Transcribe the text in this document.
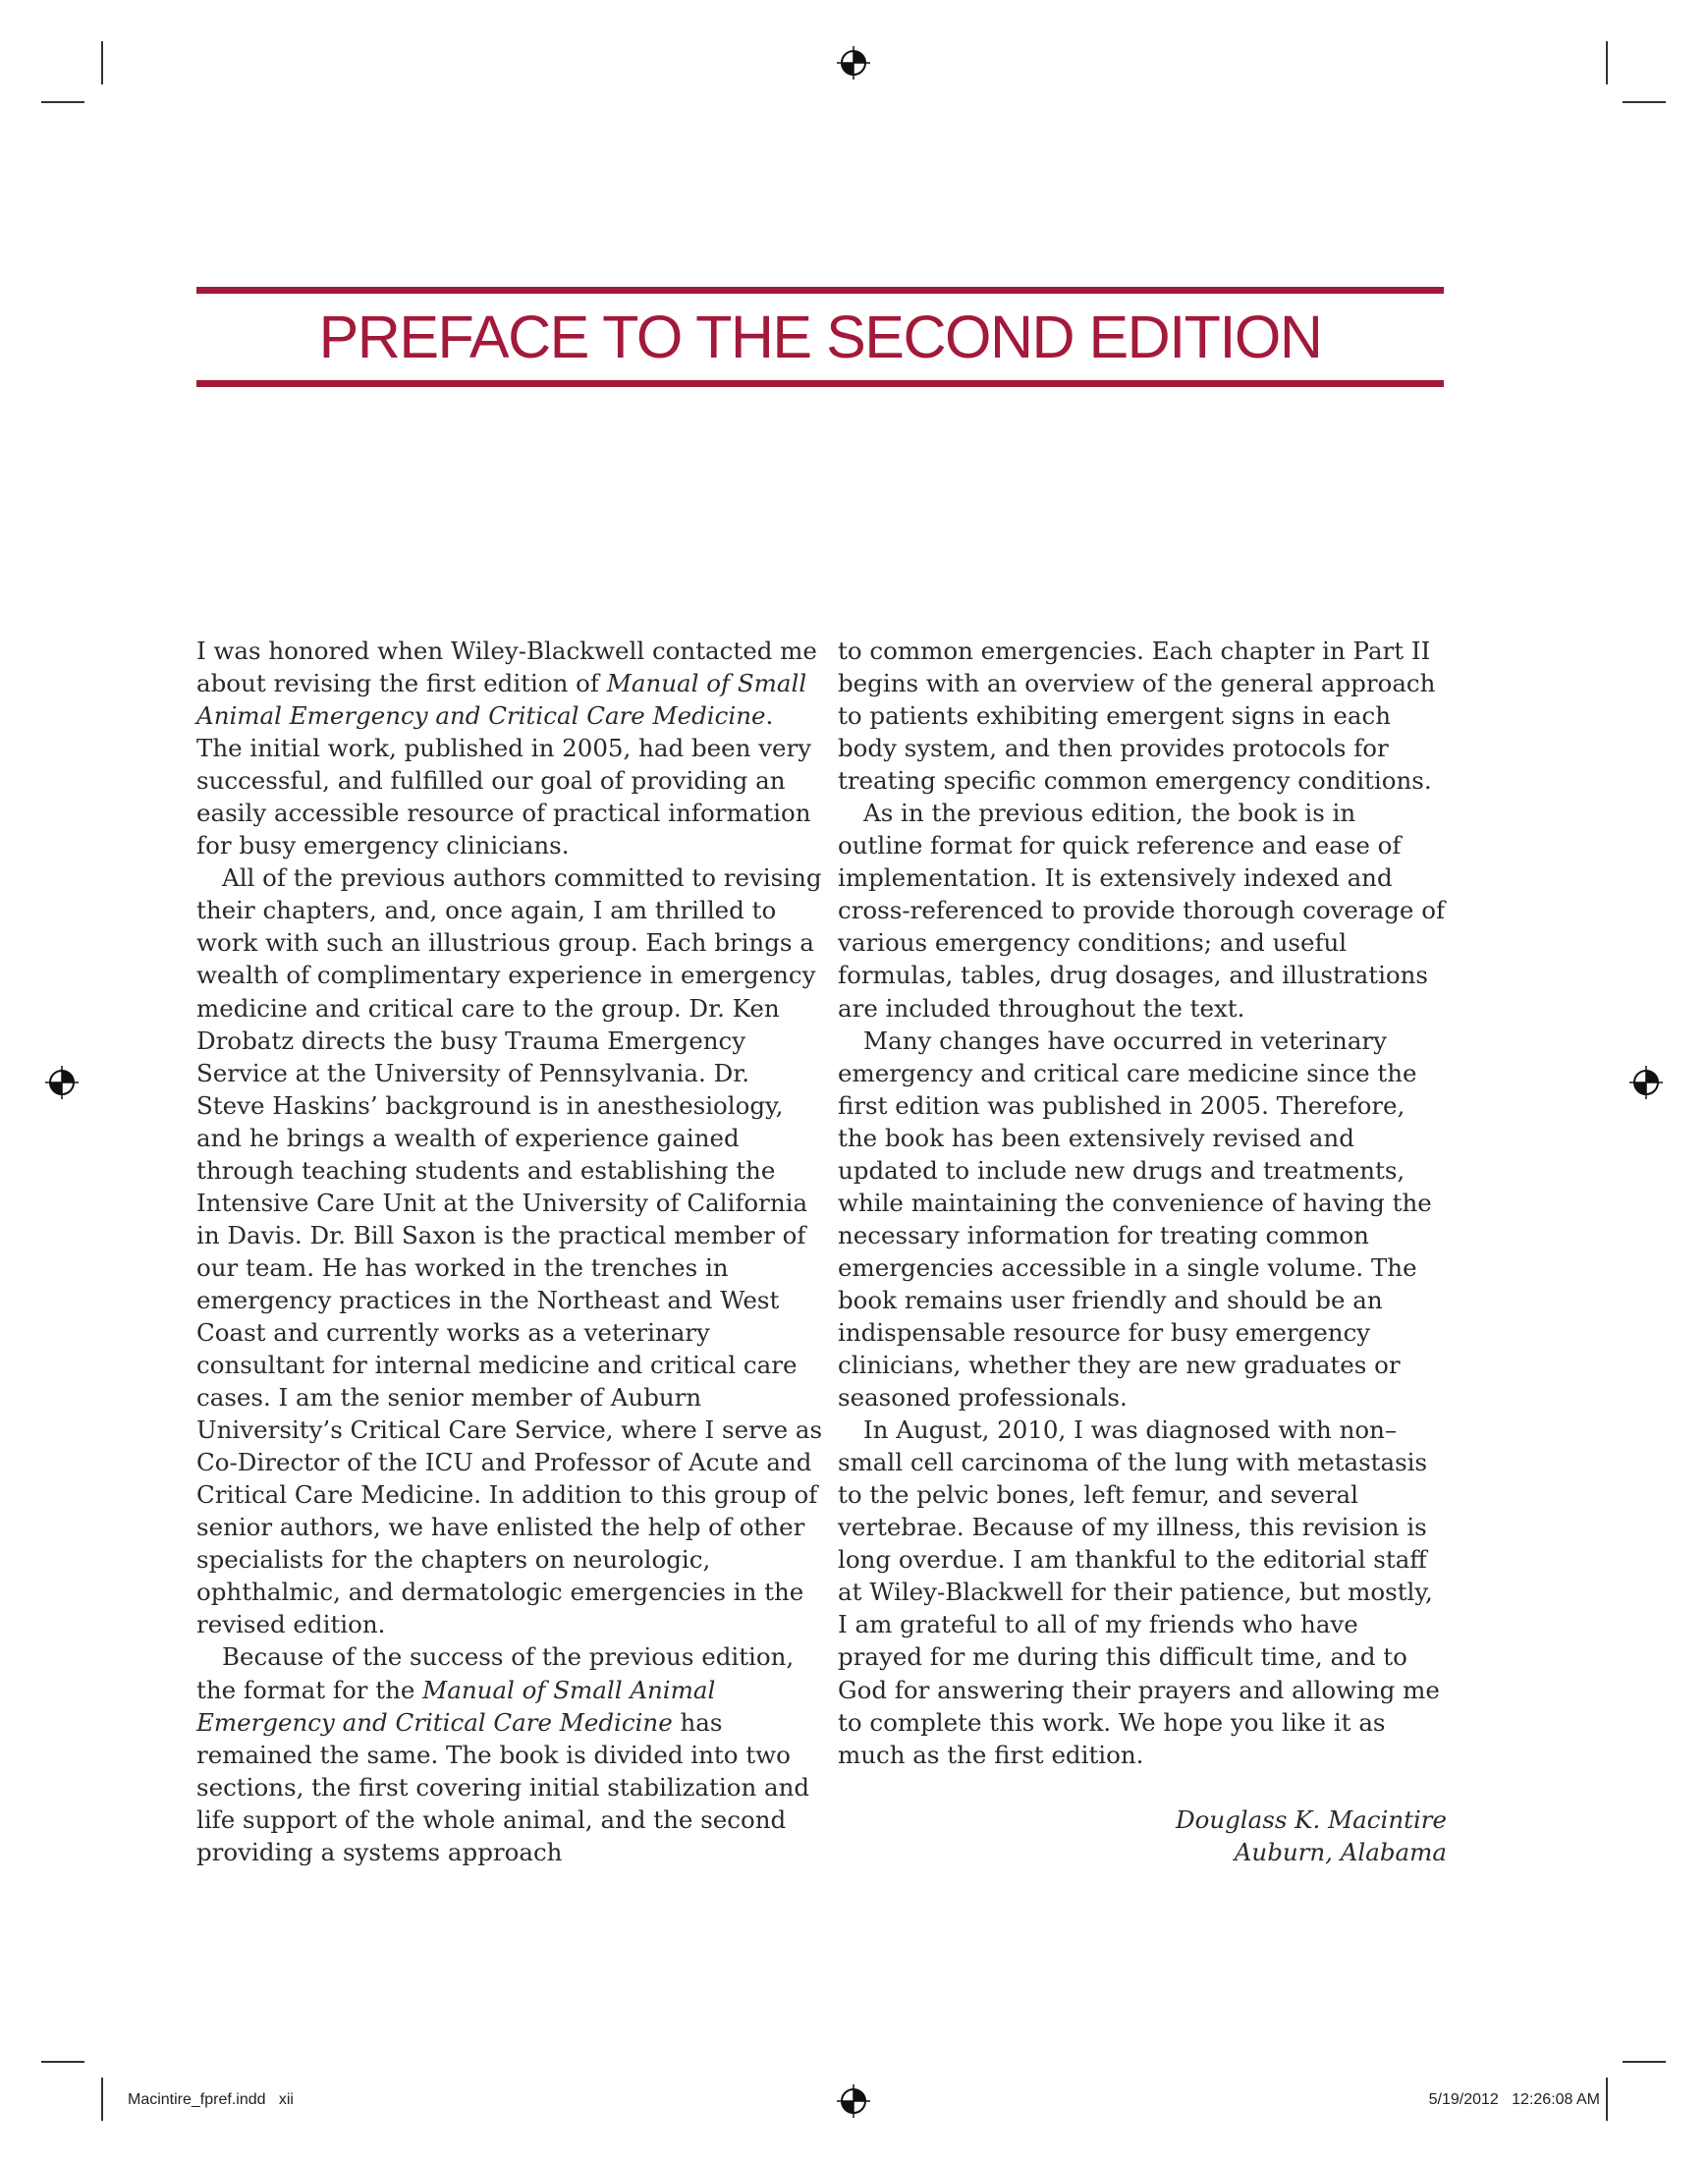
PREFACE TO THE SECOND EDITION

I was honored when Wiley-Blackwell contacted me about revising the first edition of Manual of Small Animal Emergency and Critical Care Medicine. The initial work, published in 2005, had been very successful, and fulfilled our goal of providing an easily accessible resource of practical information for busy emergency clinicians.

All of the previous authors committed to revising their chapters, and, once again, I am thrilled to work with such an illustrious group. Each brings a wealth of complimentary experience in emergency medicine and critical care to the group. Dr. Ken Drobatz directs the busy Trauma Emergency Service at the University of Pennsylvania. Dr. Steve Haskins’ background is in anesthesiology, and he brings a wealth of experience gained through teaching students and establishing the Intensive Care Unit at the University of California in Davis. Dr. Bill Saxon is the practical member of our team. He has worked in the trenches in emergency practices in the Northeast and West Coast and currently works as a veterinary consultant for internal medicine and critical care cases. I am the senior member of Auburn University’s Critical Care Service, where I serve as Co-Director of the ICU and Professor of Acute and Critical Care Medicine. In addition to this group of senior authors, we have enlisted the help of other specialists for the chapters on neurologic, ophthalmic, and dermatologic emergencies in the revised edition.

Because of the success of the previous edition, the format for the Manual of Small Animal Emergency and Critical Care Medicine has remained the same. The book is divided into two sections, the first covering initial stabilization and life support of the whole animal, and the second providing a systems approach

to common emergencies. Each chapter in Part II begins with an overview of the general approach to patients exhibiting emergent signs in each body system, and then provides protocols for treating specific common emergency conditions.

As in the previous edition, the book is in outline format for quick reference and ease of implementation. It is extensively indexed and cross-referenced to provide thorough coverage of various emergency conditions; and useful formulas, tables, drug dosages, and illustrations are included throughout the text.

Many changes have occurred in veterinary emergency and critical care medicine since the first edition was published in 2005. Therefore, the book has been extensively revised and updated to include new drugs and treatments, while maintaining the convenience of having the necessary information for treating common emergencies accessible in a single volume. The book remains user friendly and should be an indispensable resource for busy emergency clinicians, whether they are new graduates or seasoned professionals.

In August, 2010, I was diagnosed with non–small cell carcinoma of the lung with metastasis to the pelvic bones, left femur, and several vertebrae. Because of my illness, this revision is long overdue. I am thankful to the editorial staff at Wiley-Blackwell for their patience, but mostly, I am grateful to all of my friends who have prayed for me during this difficult time, and to God for answering their prayers and allowing me to complete this work. We hope you like it as much as the first edition.

Douglass K. Macintire
Auburn, Alabama
Macintire_fpref.indd   xii	5/19/2012   12:26:08 AM
